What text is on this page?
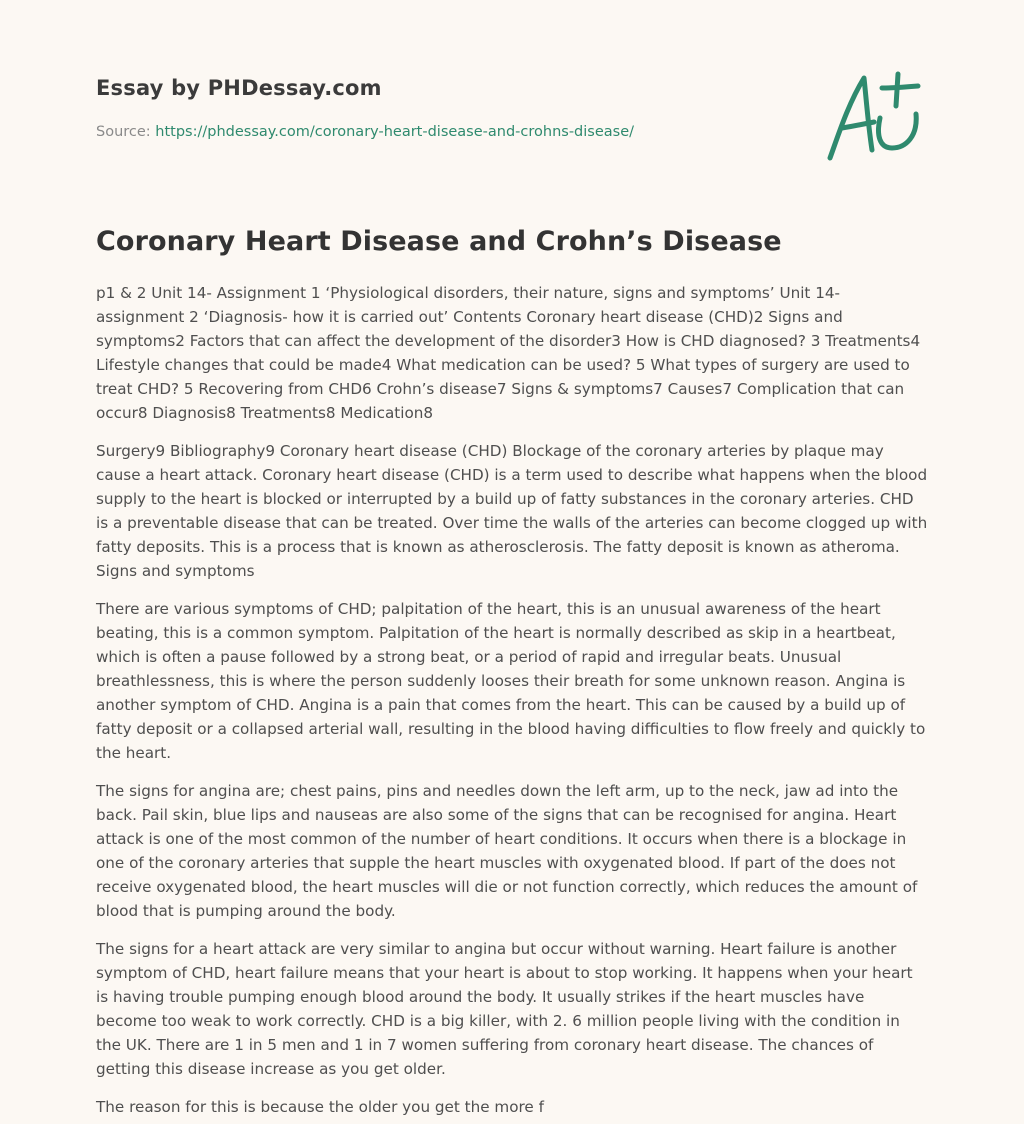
Essay by PHDessay.com
Source: https://phdessay.com/coronary-heart-disease-and-crohns-disease/
Coronary Heart Disease and Crohn’s Disease

p1 & 2 Unit 14- Assignment 1 ‘Physiological disorders, their nature, signs and symptoms’ Unit 14- assignment 2 ‘Diagnosis- how it is carried out’ Contents Coronary heart disease (CHD)2 Signs and symptoms2 Factors that can affect the development of the disorder3 How is CHD diagnosed? 3 Treatments4 Lifestyle changes that could be made4 What medication can be used? 5 What types of surgery are used to treat CHD? 5 Recovering from CHD6 Crohn’s disease7 Signs & symptoms7 Causes7 Complication that can occur8 Diagnosis8 Treatments8 Medication8

Surgery9 Bibliography9 Coronary heart disease (CHD) Blockage of the coronary arteries by plaque may cause a heart attack. Coronary heart disease (CHD) is a term used to describe what happens when the blood supply to the heart is blocked or interrupted by a build up of fatty substances in the coronary arteries. CHD is a preventable disease that can be treated. Over time the walls of the arteries can become clogged up with fatty deposits. This is a process that is known as atherosclerosis. The fatty deposit is known as atheroma. Signs and symptoms

There are various symptoms of CHD; palpitation of the heart, this is an unusual awareness of the heart beating, this is a common symptom. Palpitation of the heart is normally described as skip in a heartbeat, which is often a pause followed by a strong beat, or a period of rapid and irregular beats. Unusual breathlessness, this is where the person suddenly looses their breath for some unknown reason. Angina is another symptom of CHD. Angina is a pain that comes from the heart. This can be caused by a build up of fatty deposit or a collapsed arterial wall, resulting in the blood having difficulties to flow freely and quickly to the heart.

The signs for angina are; chest pains, pins and needles down the left arm, up to the neck, jaw ad into the back. Pail skin, blue lips and nauseas are also some of the signs that can be recognised for angina. Heart attack is one of the most common of the number of heart conditions. It occurs when there is a blockage in one of the coronary arteries that supple the heart muscles with oxygenated blood. If part of the does not receive oxygenated blood, the heart muscles will die or not function correctly, which reduces the amount of blood that is pumping around the body.

The signs for a heart attack are very similar to angina but occur without warning. Heart failure is another symptom of CHD, heart failure means that your heart is about to stop working. It happens when your heart is having trouble pumping enough blood around the body. It usually strikes if the heart muscles have become too weak to work correctly. CHD is a big killer, with 2. 6 million people living with the condition in the UK. There are 1 in 5 men and 1 in 7 women suffering from coronary heart disease. The chances of getting this disease increase as you get older.

The reason for this is because the older you get the more f
